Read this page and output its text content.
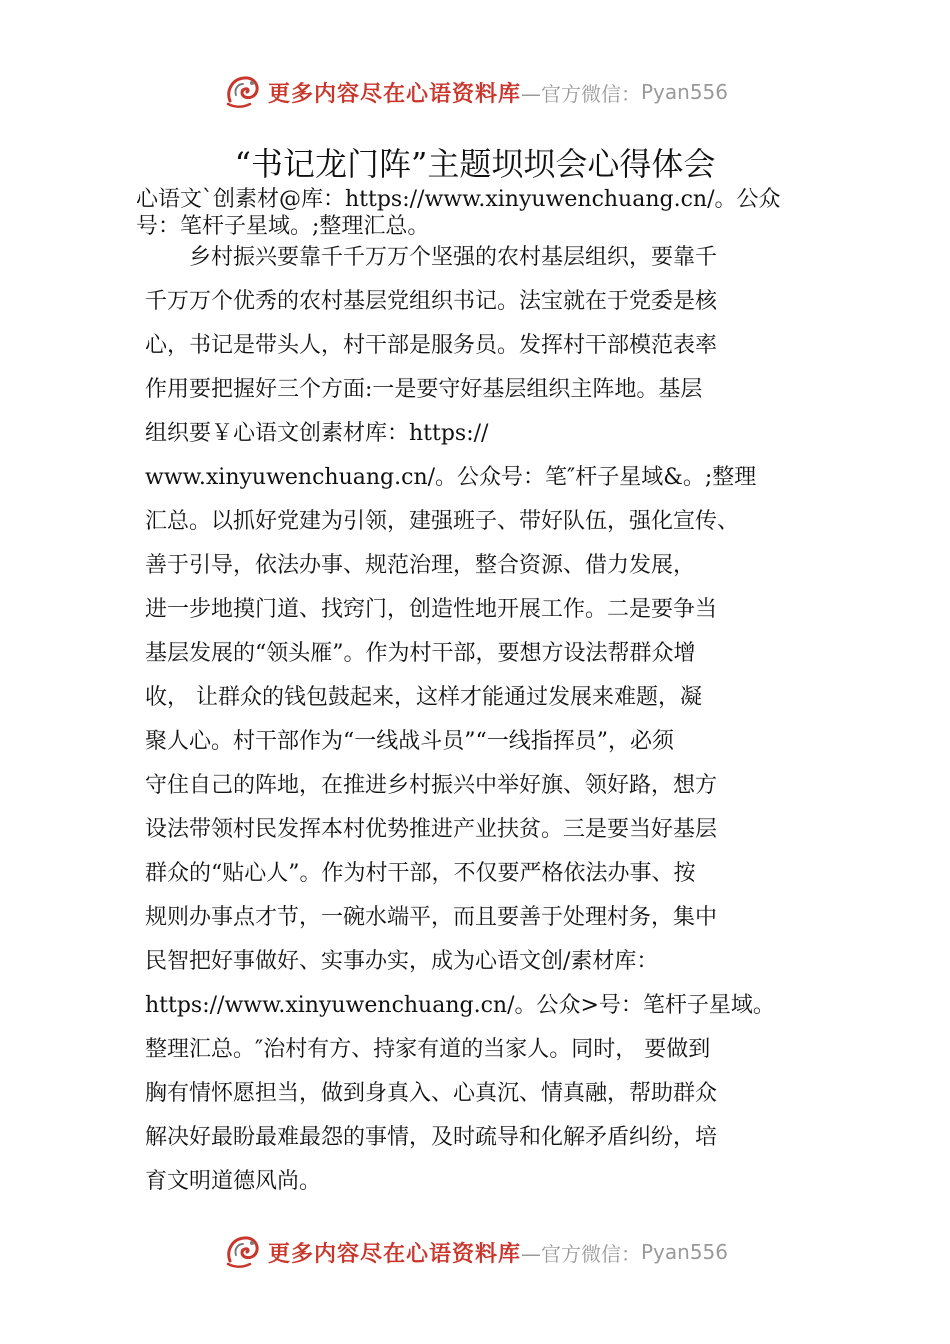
更多内容尽在心语资料库 —官方微信： Pyan556
“书记龙门阵”主题坝坝会心得体会
心语文`创素材@库：https://www.xinyuwenchuang.cn/。公众
号：笔杆子星域。;整理汇总。
　　乡村振兴要靠千千万万个坚强的农村基层组织，要靠千
千万万个优秀的农村基层党组织书记。法宝就在于党委是核
心，书记是带头人，村干部是服务员。发挥村干部模范表率
作用要把握好三个方面:一是要守好基层组织主阵地。基层
组织要￥心语文创素材库：https://
www.xinyuwenchuang.cn/。公众号：笔″杆子星域&。;整理
汇总。以抓好党建为引领，建强班子、带好队伍，强化宣传、
善于引导，依法办事、规范治理，整合资源、借力发展，
进一步地摸门道、找窍门，创造性地开展工作。二是要争当
基层发展的“领头雁”。作为村干部，要想方设法帮群众增
收， 让群众的钱包鼓起来，这样才能通过发展来难题，凝
聚人心。村干部作为“一线战斗员”“一线指挥员”，必须
守住自己的阵地，在推进乡村振兴中举好旗、领好路，想方
设法带领村民发挥本村优势推进产业扶贫。三是要当好基层
群众的“贴心人”。作为村干部，不仅要严格依法办事、按
规则办事点才节，一碗水端平，而且要善于处理村务，集中
民智把好事做好、实事办实，成为心语文创/素材库：
https://www.xinyuwenchuang.cn/。公众>号：笔杆子星域。
整理汇总。″治村有方、持家有道的当家人。同时， 要做到
胸有情怀愿担当，做到身真入、心真沉、情真融，帮助群众
解决好最盼最难最怨的事情，及时疏导和化解矛盾纠纷，培
育文明道德风尚。
更多内容尽在心语资料库 —官方微信： Pyan556
